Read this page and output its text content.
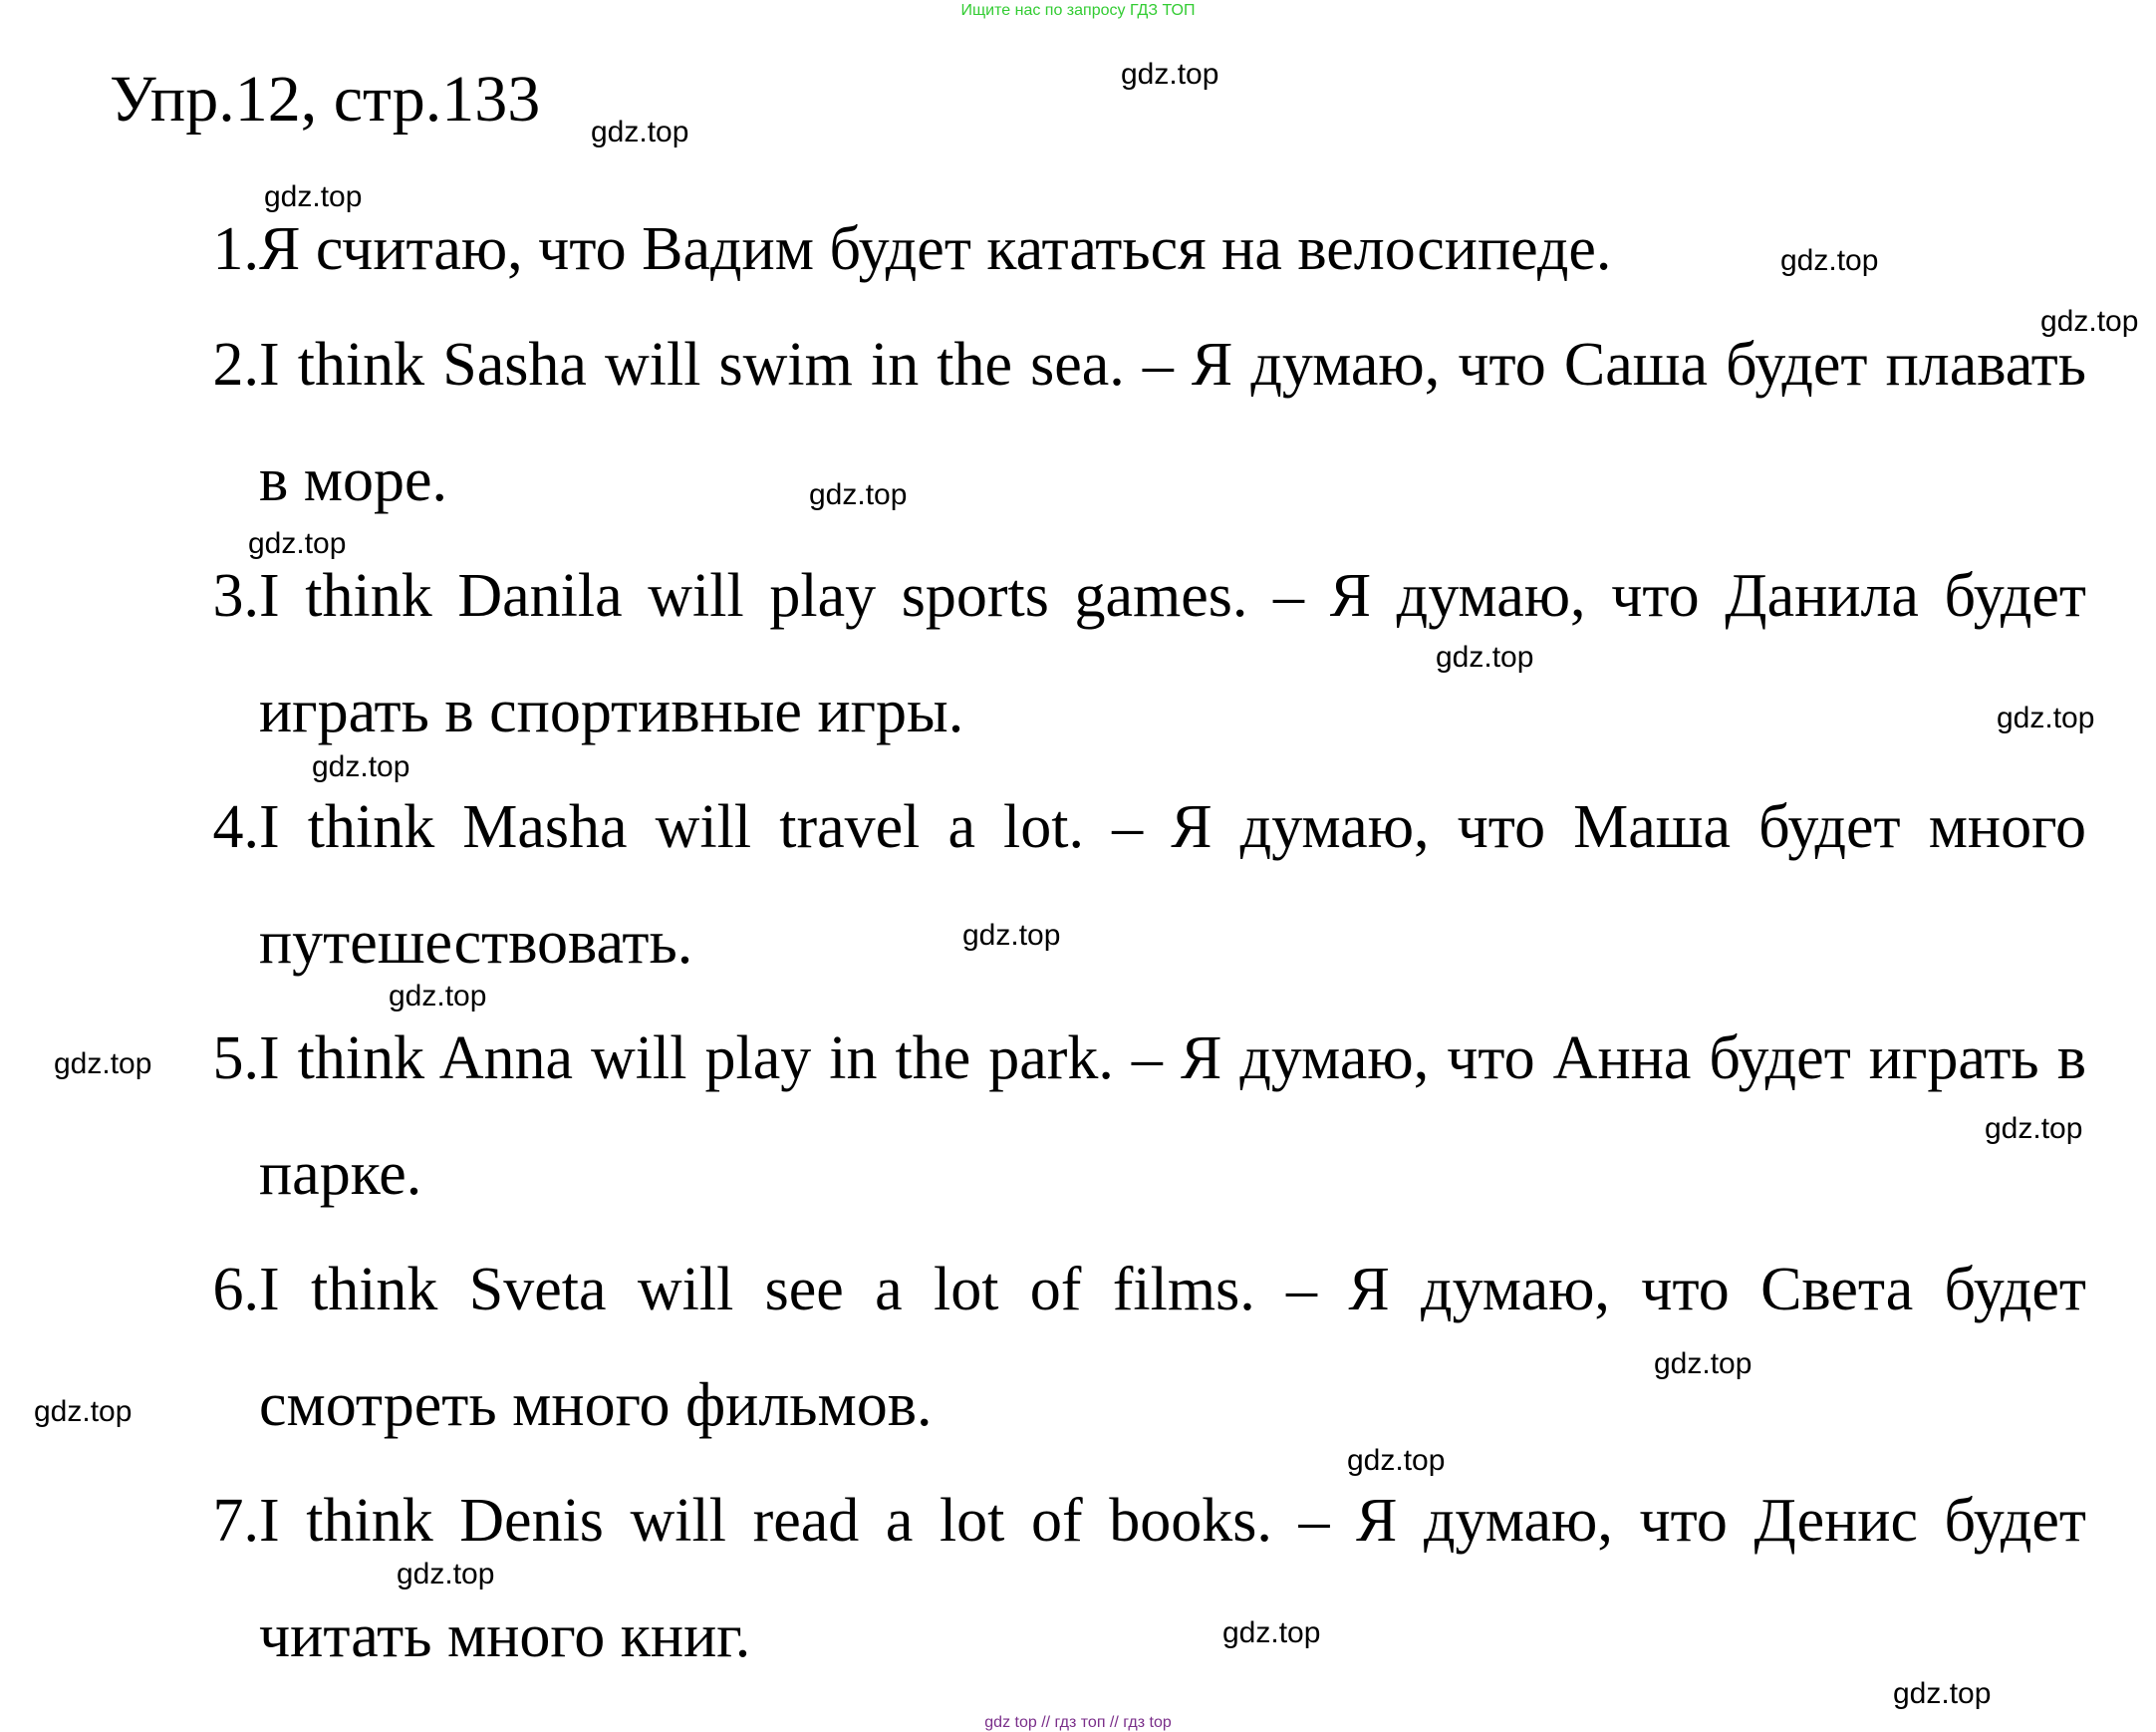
Ищите нас по запросу ГДЗ ТОП
Упр.12, стр.133
1. Я считаю, что Вадим будет кататься на велосипеде.
2. I think Sasha will swim in the sea. – Я думаю, что Саша будет плавать в море.
3. I think Danila will play sports games. – Я думаю, что Данила будет играть в спортивные игры.
4. I think Masha will travel a lot. – Я думаю, что Маша будет много путешествовать.
5. I think Anna will play in the park. – Я думаю, что Анна будет играть в парке.
6. I think Sveta will see a lot of films. – Я думаю, что Света будет смотреть много фильмов.
7. I think Denis will read a lot of books. – Я думаю, что Денис будет читать много книг.
gdz.top
gdz.top
gdz.top
gdz.top
gdz.top
gdz.top
gdz.top
gdz.top
gdz.top
gdz.top
gdz.top
gdz.top
gdz.top
gdz.top
gdz.top
gdz.top
gdz.top
gdz.top
gdz.top
gdz.top
gdz top // гдз топ // гдз top
